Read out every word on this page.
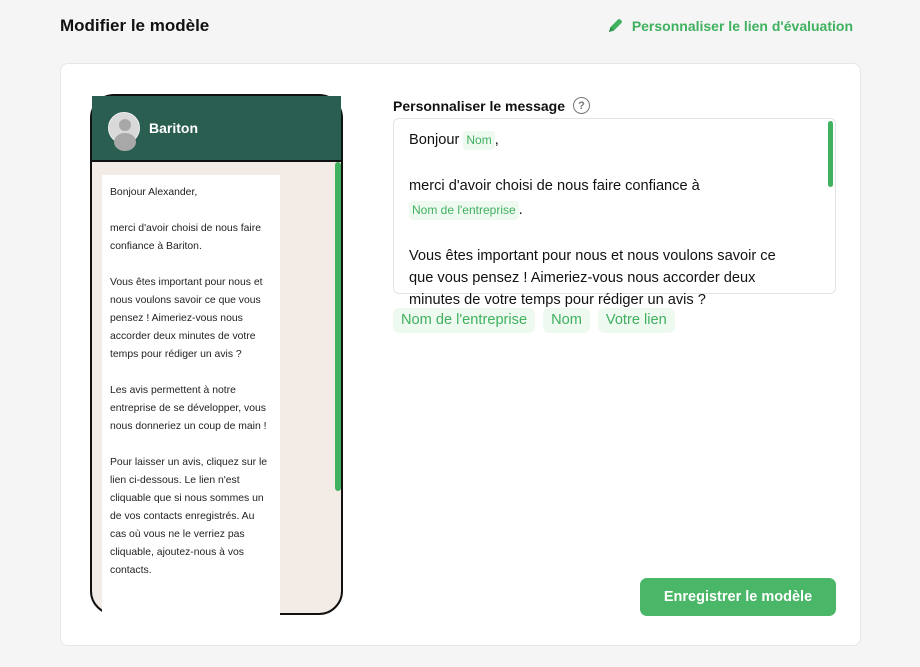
Modifier le modèle	Personnaliser le lien d'évaluation
Bariton
Bonjour Alexander,

merci d'avoir choisi de nous faire confiance à Bariton.

Vous êtes important pour nous et nous voulons savoir ce que vous pensez ! Aimeriez-vous nous accorder deux minutes de votre temps pour rédiger un avis ?

Les avis permettent à notre entreprise de se développer, vous nous donneriez un coup de main !

Pour laisser un avis, cliquez sur le lien ci-dessous. Le lien n'est cliquable que si nous sommes un de vos contacts enregistrés. Au cas où vous ne le verriez pas cliquable, ajoutez-nous à vos contacts.
Personnaliser le message	?
Bonjour Nom ,
merci d'avoir choisi de nous faire confiance à
Nom de l'entreprise .
Vous êtes important pour nous et nous voulons savoir ce
que vous pensez ! Aimeriez-vous nous accorder deux
minutes de votre temps pour rédiger un avis ?
Nom de l'entreprise	Nom	Votre lien
Enregistrer le modèle
